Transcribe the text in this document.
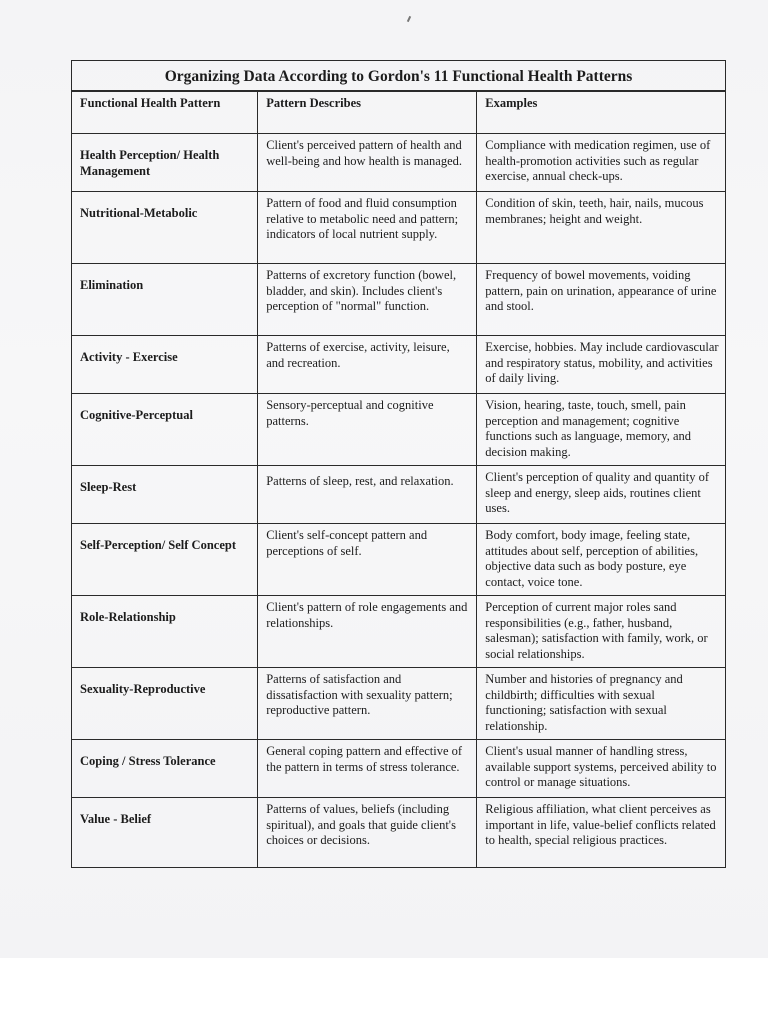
Organizing Data According to Gordon's 11 Functional Health Patterns		
Functional Health Pattern	Pattern Describes	Examples
Health Perception/ Health Management	Client's perceived pattern of health and well-being and how health is managed.	Compliance with medication regimen, use of health-promotion activities such as regular exercise, annual check-ups.
Nutritional-Metabolic	Pattern of food and fluid consumption relative to metabolic need and pattern; indicators of local nutrient supply.	Condition of skin, teeth, hair, nails, mucous membranes; height and weight.
Elimination	Patterns of excretory function (bowel, bladder, and skin). Includes client's perception of "normal" function.	Frequency of bowel movements, voiding pattern, pain on urination, appearance of urine and stool.
Activity - Exercise	Patterns of exercise, activity, leisure, and recreation.	Exercise, hobbies. May include cardiovascular and respiratory status, mobility, and activities of daily living.
Cognitive-Perceptual	Sensory-perceptual and cognitive patterns.	Vision, hearing, taste, touch, smell, pain perception and management; cognitive functions such as language, memory, and decision making.
Sleep-Rest	Patterns of sleep, rest, and relaxation.	Client's perception of quality and quantity of sleep and energy, sleep aids, routines client uses.
Self-Perception/ Self Concept	Client's self-concept pattern and perceptions of self.	Body comfort, body image, feeling state, attitudes about self, perception of abilities, objective data such as body posture, eye contact, voice tone.
Role-Relationship	Client's pattern of role engagements and relationships.	Perception of current major roles sand responsibilities (e.g., father, husband, salesman); satisfaction with family, work, or social relationships.
Sexuality-Reproductive	Patterns of satisfaction and dissatisfaction with sexuality pattern; reproductive pattern.	Number and histories of pregnancy and childbirth; difficulties with sexual functioning; satisfaction with sexual relationship.
Coping / Stress Tolerance	General coping pattern and effective of the pattern in terms of stress tolerance.	Client's usual manner of handling stress, available support systems, perceived ability to control or manage situations.
Value - Belief	Patterns of values, beliefs (including spiritual), and goals that guide client's choices or decisions.	Religious affiliation, what client perceives as important in life, value-belief conflicts related to health, special religious practices.
